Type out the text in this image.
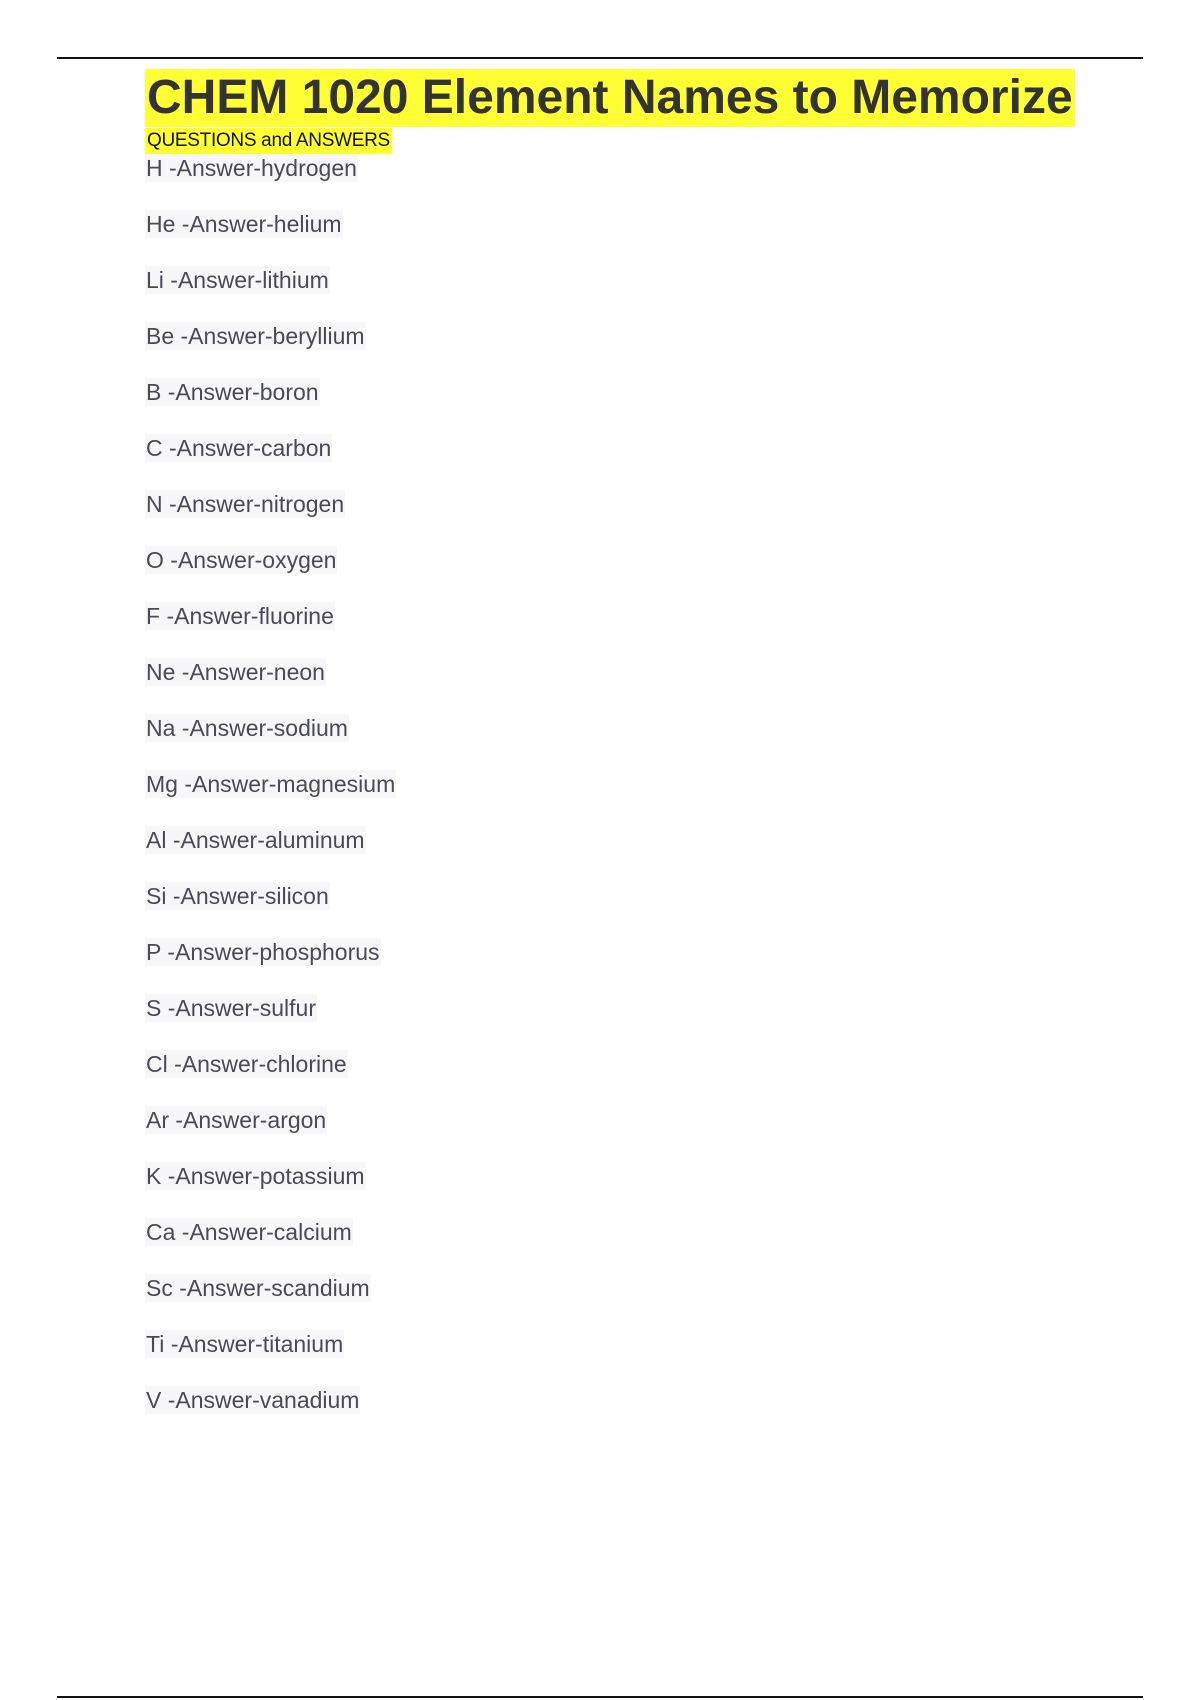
CHEM 1020 Element Names to Memorize
QUESTIONS and ANSWERS
H -Answer-hydrogen
He -Answer-helium
Li -Answer-lithium
Be -Answer-beryllium
B -Answer-boron
C -Answer-carbon
N -Answer-nitrogen
O -Answer-oxygen
F -Answer-fluorine
Ne -Answer-neon
Na -Answer-sodium
Mg -Answer-magnesium
Al -Answer-aluminum
Si -Answer-silicon
P -Answer-phosphorus
S -Answer-sulfur
Cl -Answer-chlorine
Ar -Answer-argon
K -Answer-potassium
Ca -Answer-calcium
Sc -Answer-scandium
Ti -Answer-titanium
V -Answer-vanadium
